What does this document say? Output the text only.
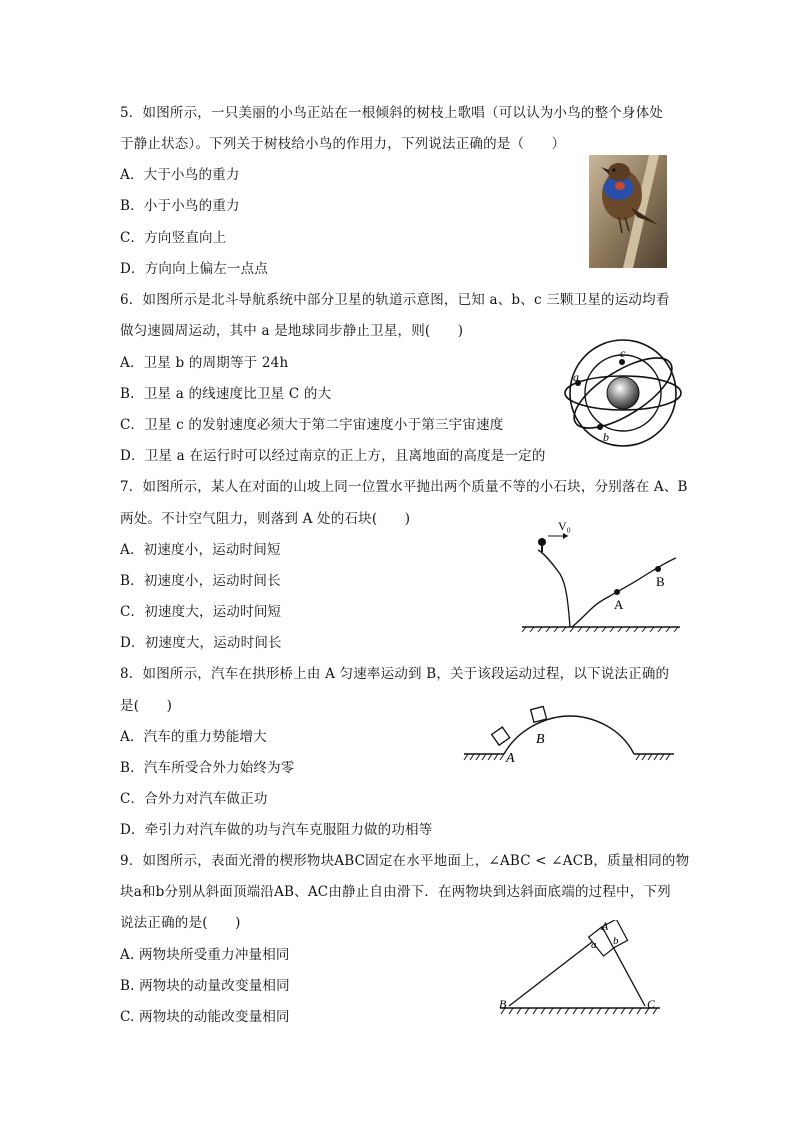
5．如图所示，一只美丽的小鸟正站在一根倾斜的树枝上歌唱（可以认为小鸟的整个身体处
于静止状态）。下列关于树枝给小鸟的作用力，下列说法正确的是（　　）
A．大于小鸟的重力
B．小于小鸟的重力
C．方向竖直向上
D．方向向上偏左一点点
6．如图所示是北斗导航系统中部分卫星的轨道示意图，已知 a、b、c 三颗卫星的运动均看
做匀速圆周运动，其中 a 是地球同步静止卫星，则(　　)
A．卫星 b 的周期等于 24h
B．卫星 a 的线速度比卫星 C 的大
C．卫星 c 的发射速度必须大于第二宇宙速度小于第三宇宙速度
D．卫星 a 在运行时可以经过南京的正上方，且离地面的高度是一定的
c
a
b
7．如图所示，某人在对面的山坡上同一位置水平抛出两个质量不等的小石块，分别落在 A、B
两处。不计空气阻力，则落到 A 处的石块(　　)
A．初速度小，运动时间短
B．初速度小，运动时间长
C．初速度大，运动时间短
D．初速度大，运动时间长
V₀
A
B
8．如图所示，汽车在拱形桥上由 A 匀速率运动到 B，关于该段运动过程，以下说法正确的
是(　　)
A．汽车的重力势能增大
B．汽车所受合外力始终为零
C．合外力对汽车做正功
D．牵引力对汽车做的功与汽车克服阻力做的功相等
A
B
9．如图所示，表面光滑的楔形物块ABC固定在水平地面上，∠ABC < ∠ACB，质量相同的物
块a和b分别从斜面顶端沿AB、AC由静止自由滑下．在两物块到达斜面底端的过程中，下列
说法正确的是(　　)
A. 两物块所受重力冲量相同
B. 两物块的动量改变量相同
C. 两物块的动能改变量相同
a b
A
B	C
